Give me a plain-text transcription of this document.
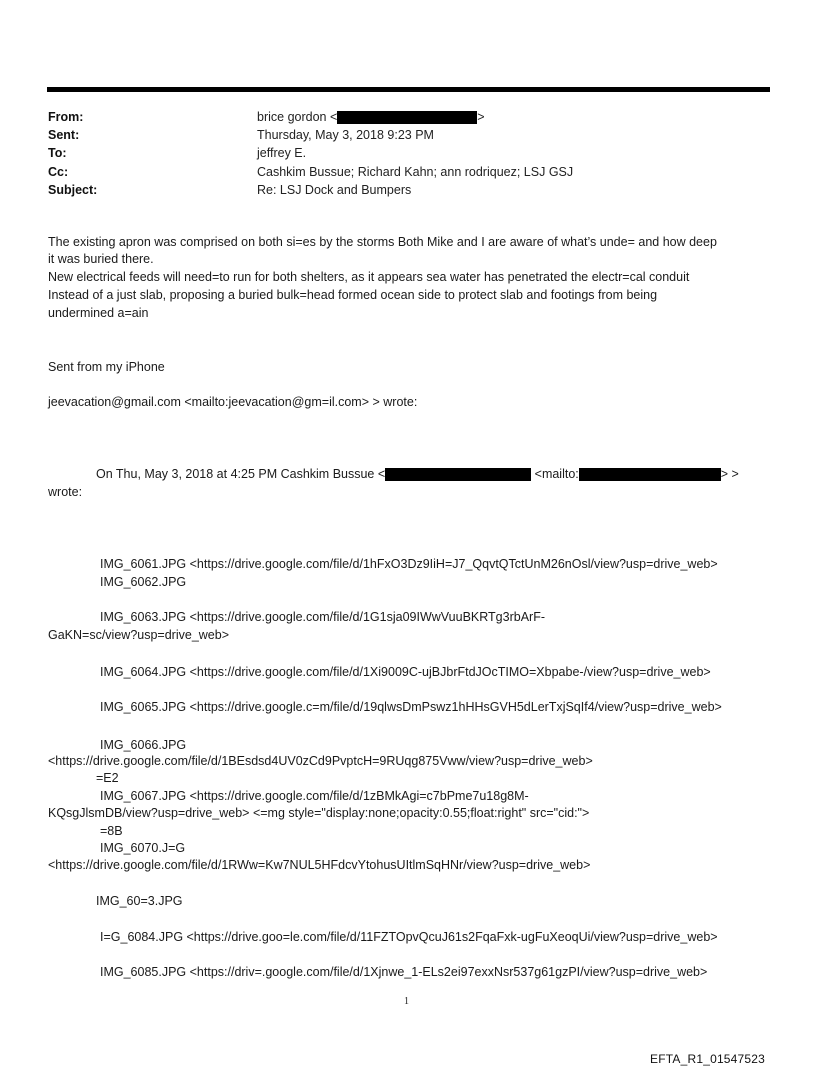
From:	brice gordon <	>
Sent:	Thursday, May 3, 2018 9:23 PM
To:	jeffrey E.
Cc:	Cashkim Bussue; Richard Kahn; ann rodriquez; LSJ GSJ
Subject:	Re: LSJ Dock and Bumpers
The existing apron was comprised on both si=es by the storms Both Mike and I are aware of what’s unde= and how deep
it was buried there.
New electrical feeds will need=to run for both shelters, as it appears sea water has penetrated the electr=cal conduit
Instead of a just slab, proposing a buried bulk=head formed ocean side to protect slab and footings from being
undermined a=ain
Sent from my iPhone
jeevacation@gmail.com <mailto:jeevacation@gm=il.com> > wrote:
On Thu, May 3, 2018 at 4:25 PM Cashkim Bussue <	<mailto:	> >
wrote:
IMG_6061.JPG <https://drive.google.com/file/d/1hFxO3Dz9IiH=J7_QqvtQTctUnM26nOsl/view?usp=drive_web>
IMG_6062.JPG
IMG_6063.JPG <https://drive.google.com/file/d/1G1sja09IWwVuuBKRTg3rbArF-
GaKN=sc/view?usp=drive_web>
IMG_6064.JPG <https://drive.google.com/file/d/1Xi9009C-ujBJbrFtdJOcTIMO=Xbpabe-/view?usp=drive_web>
IMG_6065.JPG <https://drive.google.c=m/file/d/19qlwsDmPswz1hHHsGVH5dLerTxjSqIf4/view?usp=drive_web>
IMG_6066.JPG
<https://drive.google.com/file/d/1BEsdsd4UV0zCd9PvptcH=9RUqg875Vww/view?usp=drive_web>
=E2
IMG_6067.JPG <https://drive.google.com/file/d/1zBMkAgi=c7bPme7u18g8M-
KQsgJlsmDB/view?usp=drive_web> <=mg style="display:none;opacity:0.55;float:right" src="cid:">
=8B
IMG_6070.J=G
<https://drive.google.com/file/d/1RWw=Kw7NUL5HFdcvYtohusUItlmSqHNr/view?usp=drive_web>
IMG_60=3.JPG
I=G_6084.JPG <https://drive.goo=le.com/file/d/11FZTOpvQcuJ61s2FqaFxk-ugFuXeoqUi/view?usp=drive_web>
IMG_6085.JPG <https://driv=.google.com/file/d/1Xjnwe_1-ELs2ei97exxNsr537g61gzPI/view?usp=drive_web>
1
EFTA_R1_01547523
